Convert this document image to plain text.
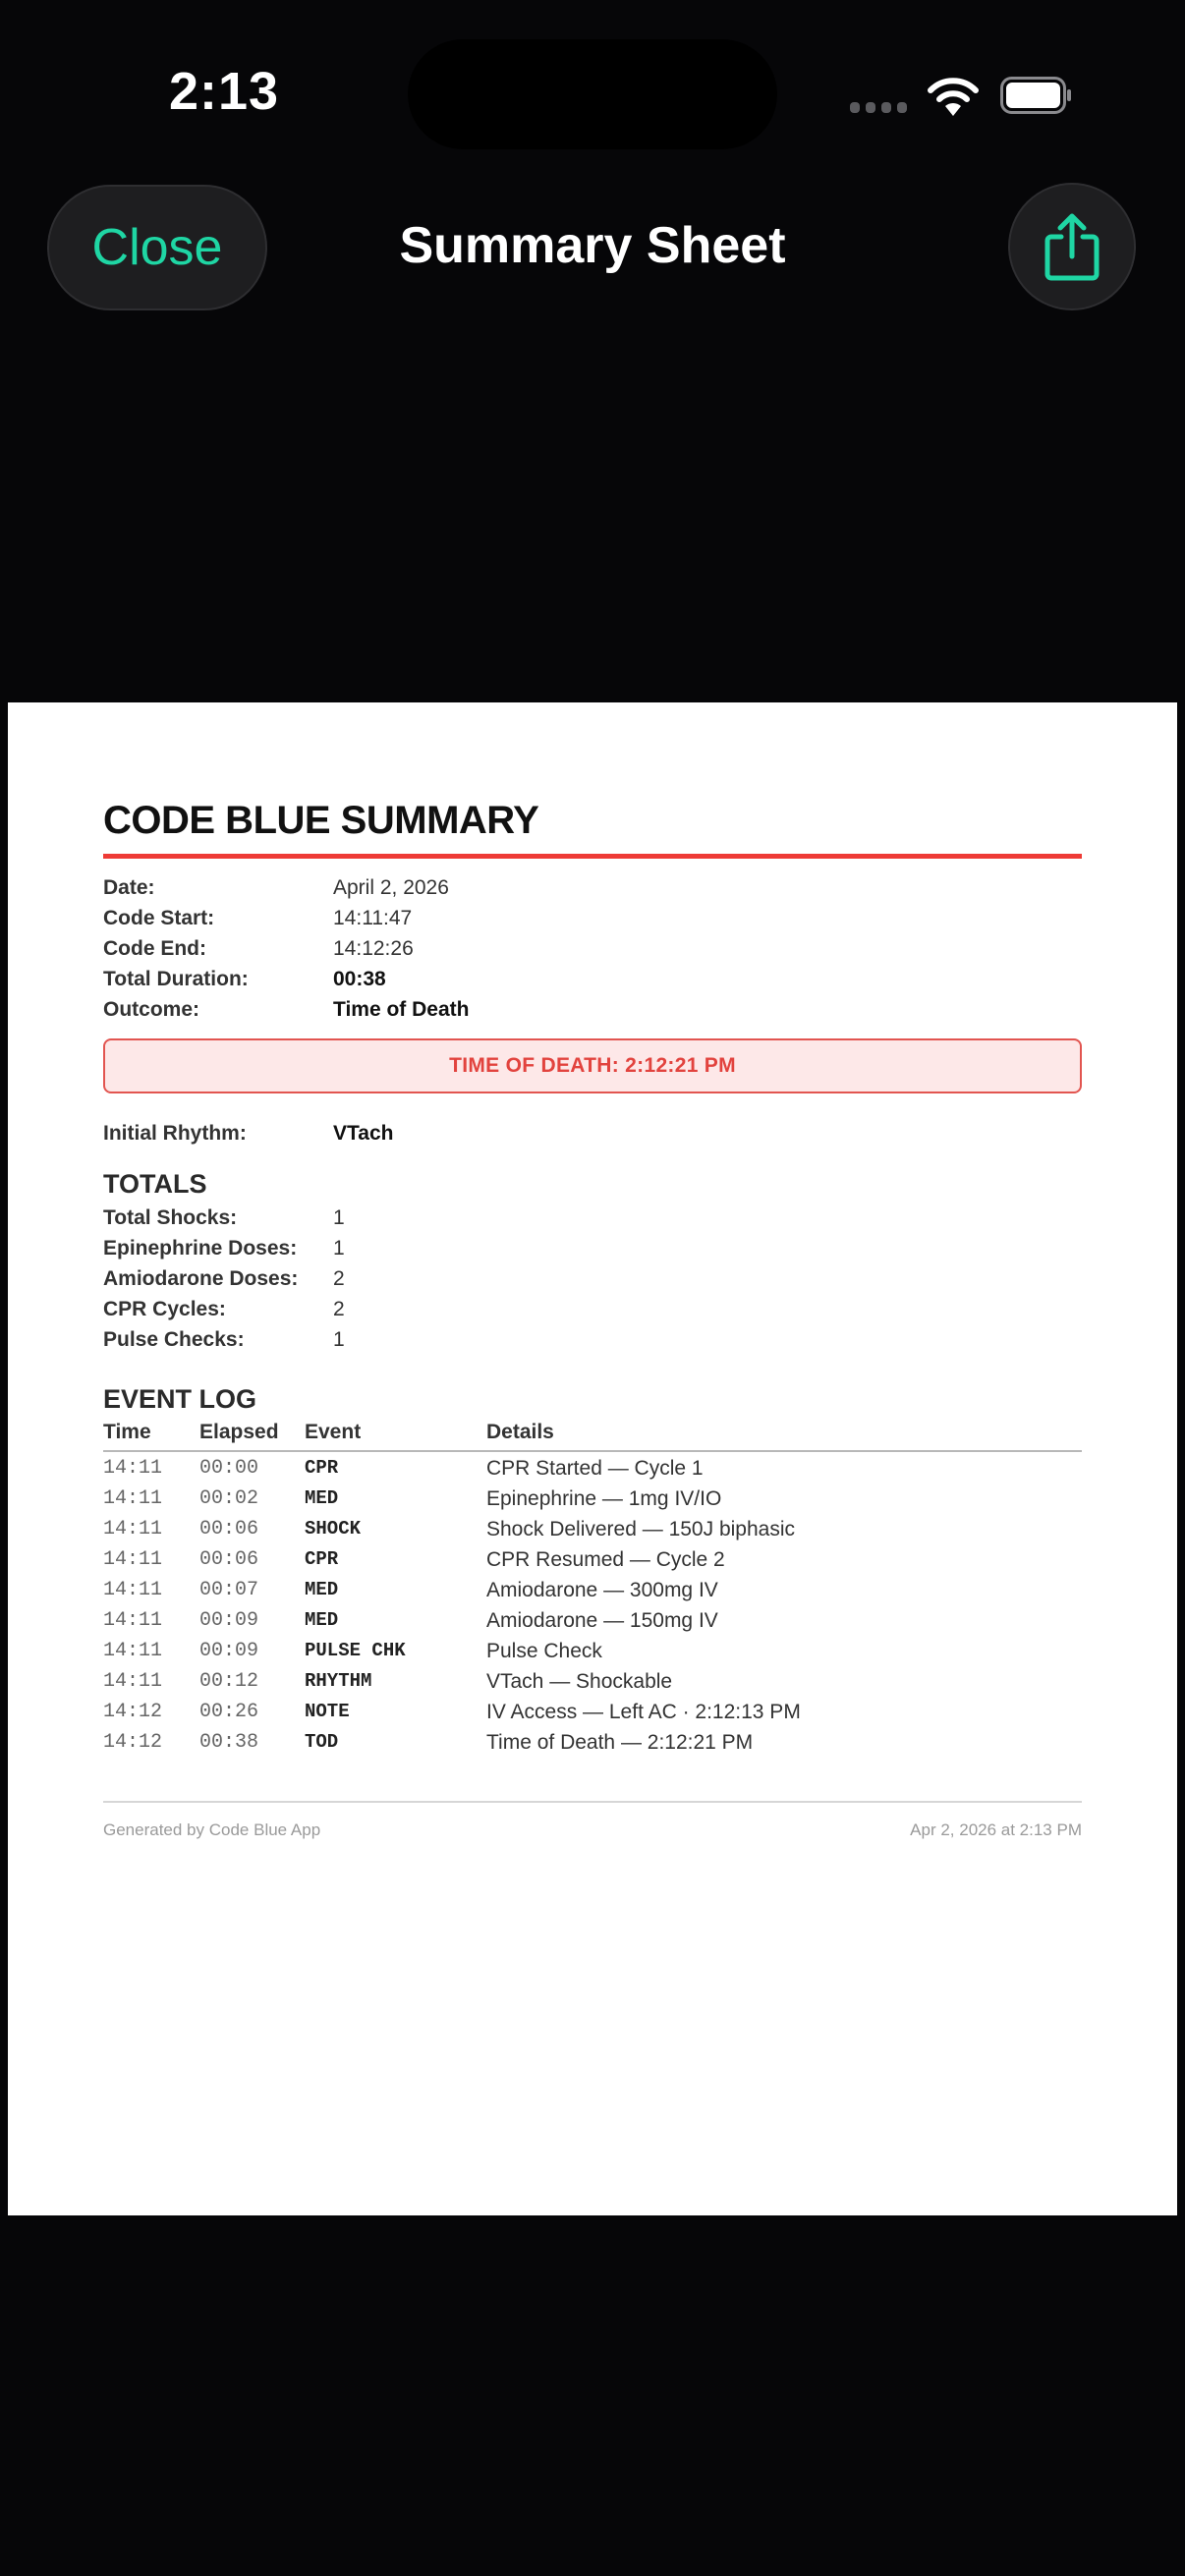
2:13
Close	Summary Sheet
CODE BLUE SUMMARY
Date:	April 2, 2026
Code Start:	14:11:47
Code End:	14:12:26
Total Duration:	00:38
Outcome:	Time of Death
TIME OF DEATH: 2:12:21 PM
Initial Rhythm:	VTach
TOTALS
Total Shocks:	1
Epinephrine Doses: 1
Amiodarone Doses: 2
CPR Cycles:	2
Pulse Checks:	1
EVENT LOG
Time Elapsed Event	Details
14:11 00:00 CPR	CPR Started — Cycle 1
14:11 00:02 MED	Epinephrine — 1mg IV/IO
14:11 00:06 SHOCK	Shock Delivered — 150J biphasic
14:11 00:06 CPR	CPR Resumed — Cycle 2
14:11 00:07 MED	Amiodarone — 300mg IV
14:11 00:09 MED	Amiodarone — 150mg IV
14:11 00:09 PULSE CHK	Pulse Check
14:11 00:12 RHYTHM	VTach — Shockable
14:12 00:26 NOTE	IV Access — Left AC · 2:12:13 PM
14:12 00:38 TOD	Time of Death — 2:12:21 PM
Generated by Code Blue App	Apr 2, 2026 at 2:13 PM
